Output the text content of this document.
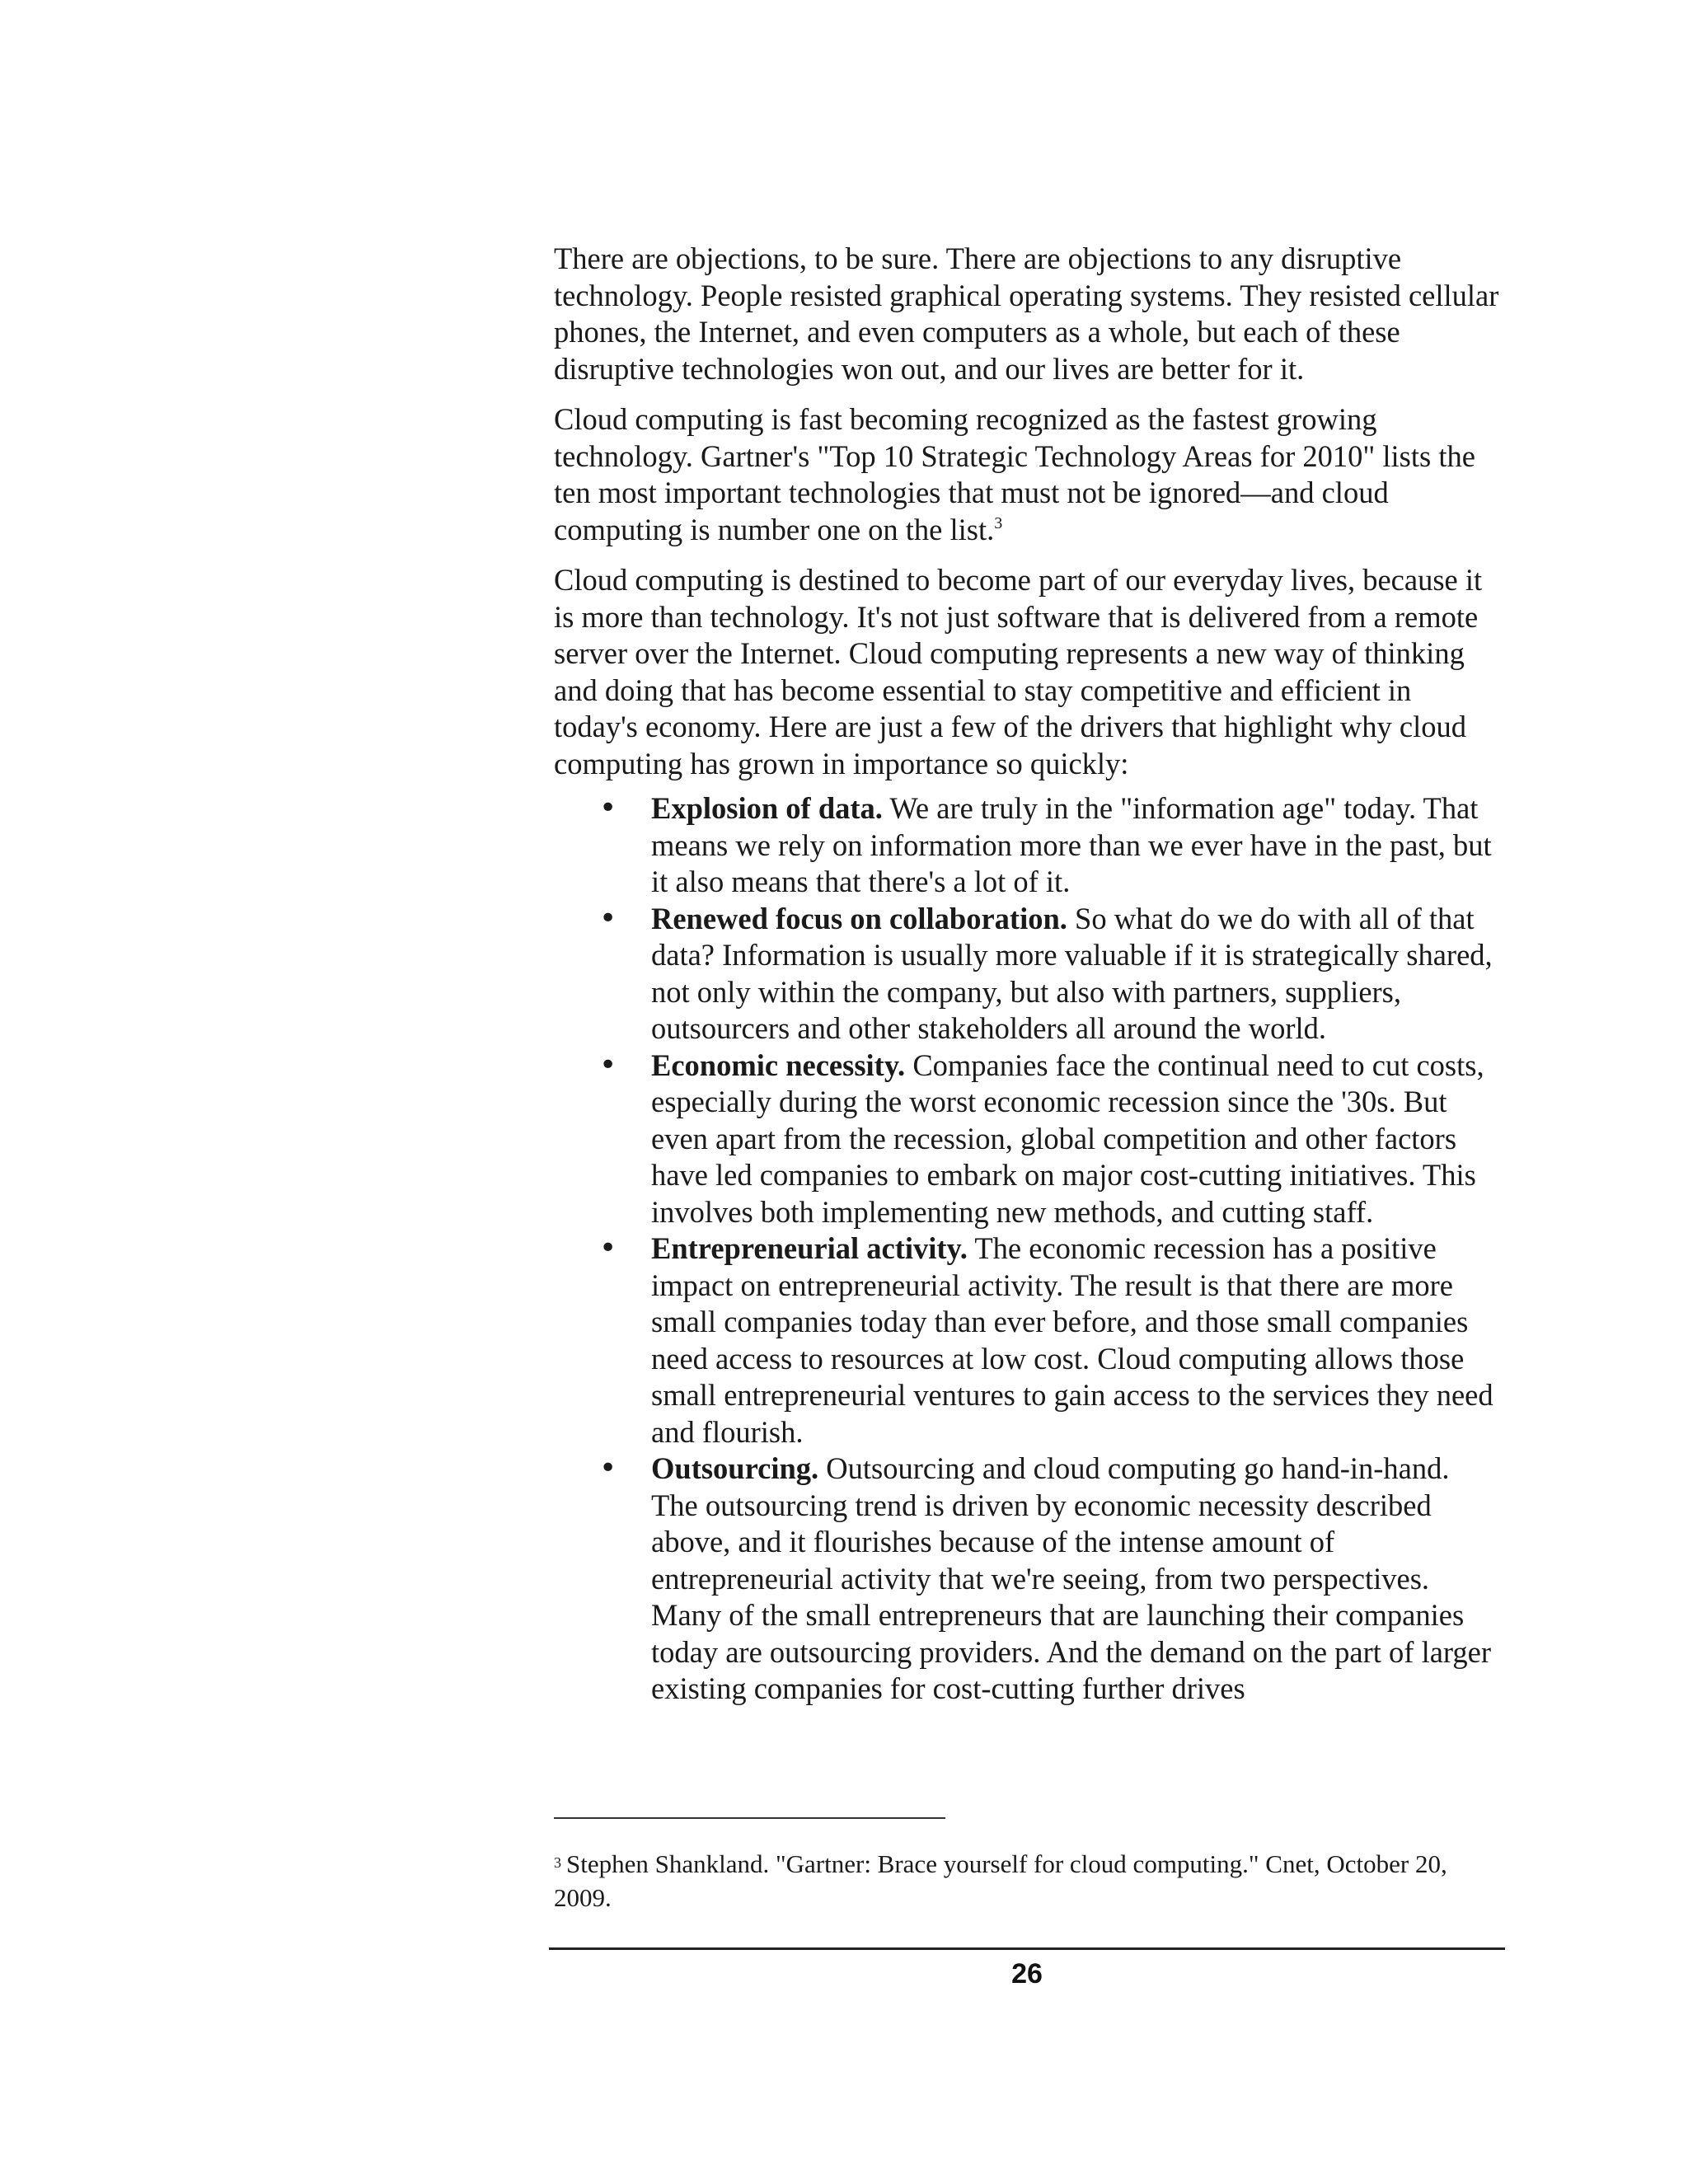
There are objections, to be sure. There are objections to any disruptive technology. People resisted graphical operating systems. They resisted cellular phones, the Internet, and even computers as a whole, but each of these disruptive technologies won out, and our lives are better for it.

Cloud computing is fast becoming recognized as the fastest growing technology. Gartner's "Top 10 Strategic Technology Areas for 2010" lists the ten most important technologies that must not be ignored—and cloud computing is number one on the list.$^3$

Cloud computing is destined to become part of our everyday lives, because it is more than technology. It's not just software that is delivered from a remote server over the Internet. Cloud computing represents a new way of thinking and doing that has become essential to stay competitive and efficient in today's economy. Here are just a few of the drivers that highlight why cloud computing has grown in importance so quickly:

• Explosion of data. We are truly in the "information age" today. That means we rely on information more than we ever have in the past, but it also means that there's a lot of it.
• Renewed focus on collaboration. So what do we do with all of that data? Information is usually more valuable if it is strategically shared, not only within the company, but also with partners, suppliers, outsourcers and other stakeholders all around the world.
• Economic necessity. Companies face the continual need to cut costs, especially during the worst economic recession since the '30s. But even apart from the recession, global competition and other factors have led companies to embark on major cost-cutting initiatives. This involves both implementing new methods, and cutting staff.
• Entrepreneurial activity. The economic recession has a positive impact on entrepreneurial activity. The result is that there are more small companies today than ever before, and those small companies need access to resources at low cost. Cloud computing allows those small entrepreneurial ventures to gain access to the services they need and flourish.
• Outsourcing. Outsourcing and cloud computing go hand-in-hand. The outsourcing trend is driven by economic necessity described above, and it flourishes because of the intense amount of entrepreneurial activity that we're seeing, from two perspectives. Many of the small entrepreneurs that are launching their companies today are outsourcing providers. And the demand on the part of larger existing companies for cost-cutting further drives
3 Stephen Shankland. "Gartner: Brace yourself for cloud computing." Cnet, October 20, 2009.
26
